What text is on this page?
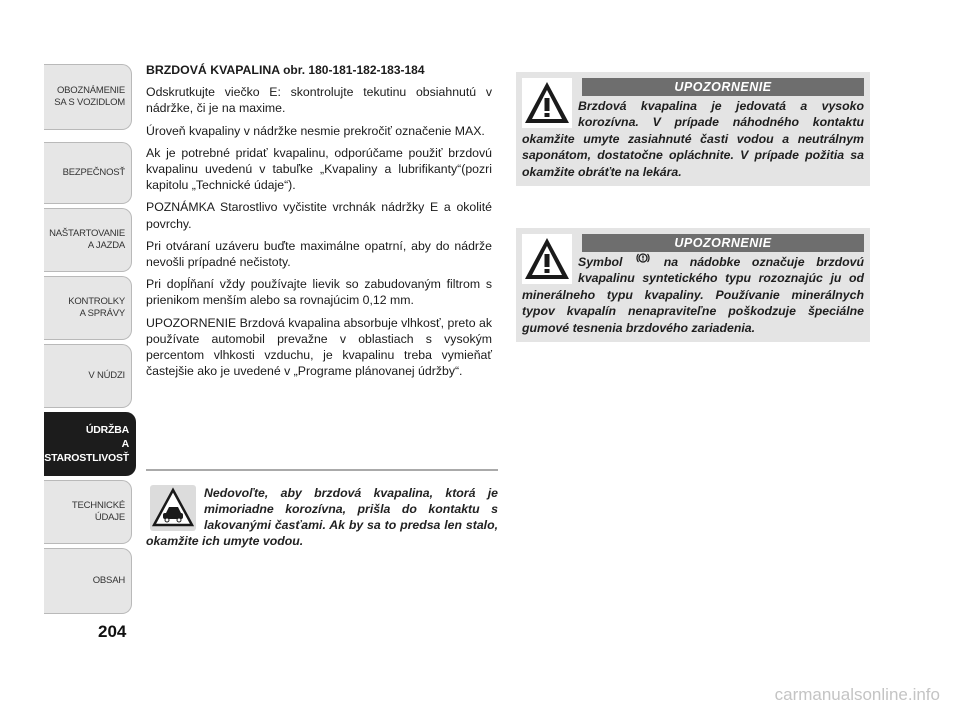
OBOZNÁMENIE
SA S VOZIDLOM
BEZPEČNOSŤ
NAŠTARTOVANIE
A JAZDA
KONTROLKY
A SPRÁVY
V NÚDZI
ÚDRŽBA
A STAROSTLIVOSŤ
TECHNICKÉ
ÚDAJE
OBSAH
204

BRZDOVÁ KVAPALINA obr. 180-181-182-183-184

Odskrutkujte viečko E: skontrolujte tekutinu obsiahnutú v nádržke, či je na maxime.

Úroveň kvapaliny v nádržke nesmie prekročiť označenie MAX.

Ak je potrebné pridať kvapalinu, odporúčame použiť brzdovú kvapalinu uvedenú v tabuľke „Kvapaliny a lubrifikanty“(pozri kapitolu „Technické údaje“).

POZNÁMKA Starostlivo vyčistite vrchnák nádržky E a okolité povrchy.

Pri otváraní uzáveru buďte maximálne opatrní, aby do nádrže nevošli prípadné nečistoty.

Pri dopĺňaní vždy používajte lievik so zabudovaným filtrom s prienikom menším alebo sa rovnajúcim 0,12 mm.

UPOZORNENIE Brzdová kvapalina absorbuje vlhkosť, preto ak používate automobil prevažne v oblastiach s vysokým percentom vlhkosti vzduchu, je kvapalinu treba vymieňať častejšie ako je uvedené v „Programe plánovanej údržby“.

Nedovoľte, aby brzdová kvapalina, ktorá je mimoriadne korozívna, prišla do kontaktu s lakovanými časťami. Ak by sa to predsa len stalo, okamžite ich umyte vodou.
UPOZORNENIE
Brzdová kvapalina je jedovatá a vysoko korozívna. V prípade náhodného kontaktu okamžite umyte zasiahnuté časti vodou a neutrálnym saponátom, dostatočne opláchnite. V prípade požitia sa okamžite obráťte na lekára.
UPOZORNENIE
Symbol	na nádobke označuje brzdovú kvapalinu syntetického typu rozoznajúc ju od minerálneho typu kvapaliny. Používanie minerálnych typov kvapalín nenapraviteľne poškodzuje špeciálne gumové tesnenia brzdového zariadenia.
carmanualsonline.info
